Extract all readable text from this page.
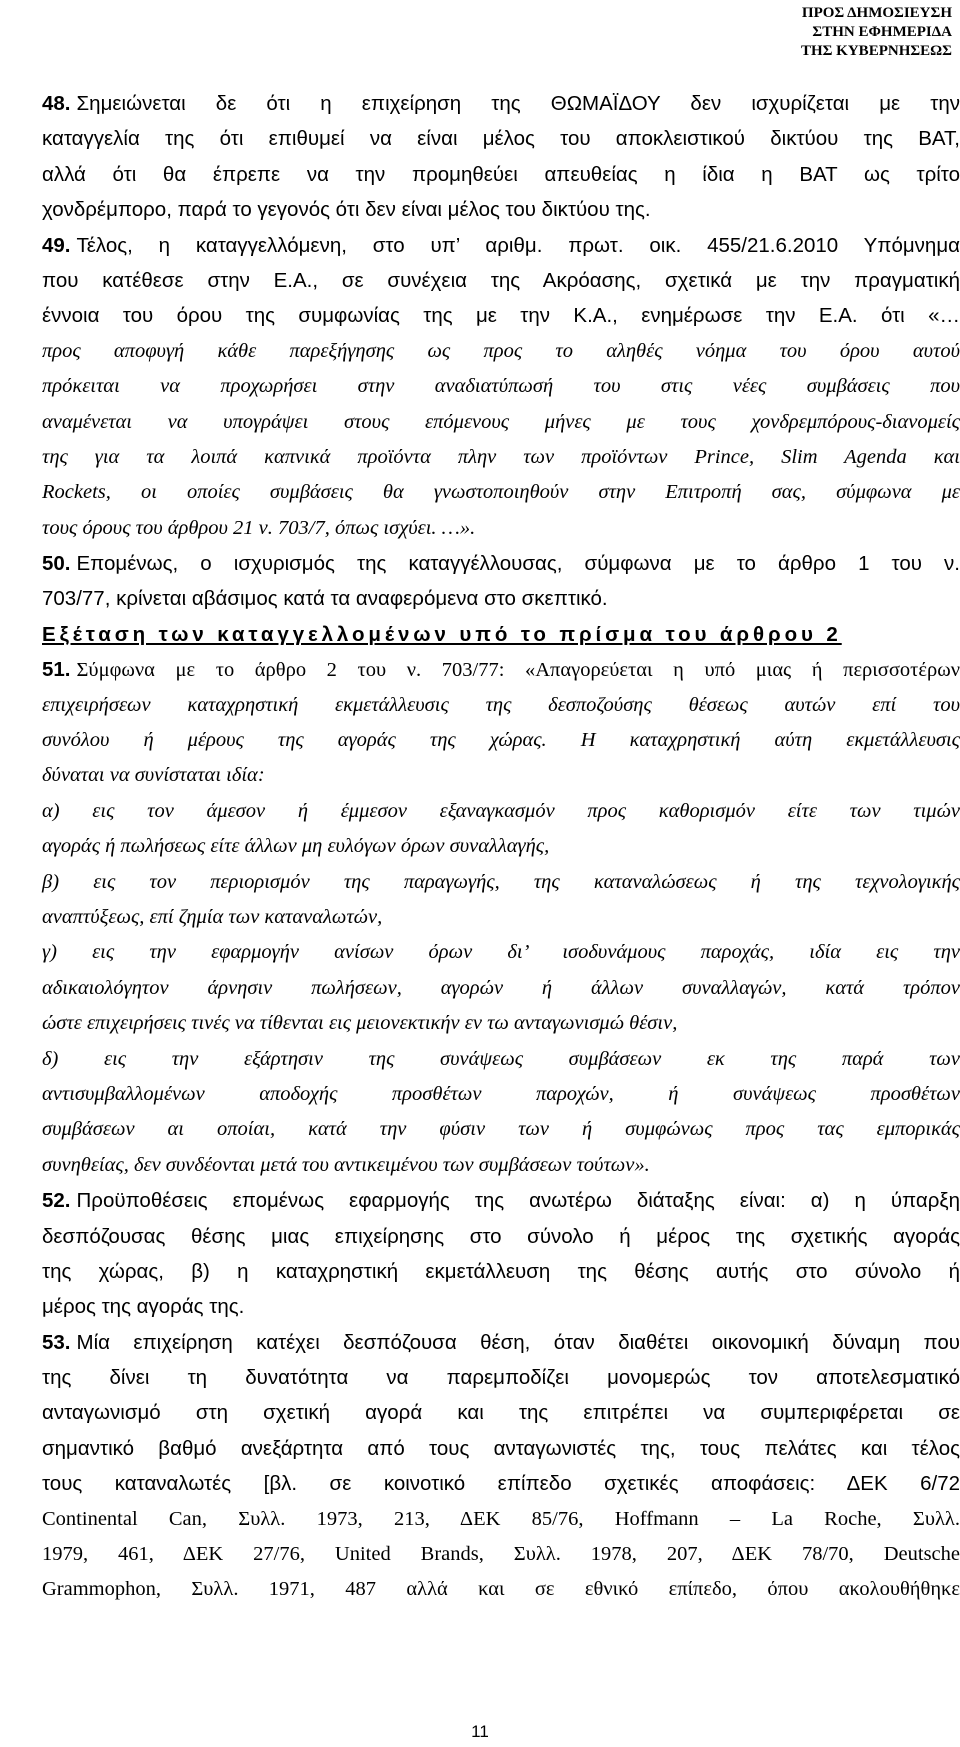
ΠΡΟΣ ΔΗΜΟΣΙΕΥΣΗ
ΣΤΗΝ ΕΦΗΜΕΡΙΔΑ
ΤΗΣ ΚΥΒΕΡΝΗΣΕΩΣ
48. Σημειώνεται δε ότι η επιχείρηση της ΘΩΜΑΪΔΟΥ δεν ισχυρίζεται με την
καταγγελία της ότι επιθυμεί να είναι μέλος του αποκλειστικού δικτύου της ΒΑΤ,
αλλά ότι θα έπρεπε να την προμηθεύει απευθείας η ίδια η ΒΑΤ ως τρίτο
χονδρέμπορο, παρά το γεγονός ότι δεν είναι μέλος του δικτύου της.
49. Τέλος, η καταγγελλόμενη, στο υπ’ αριθμ. πρωτ. οικ. 455/21.6.2010 Υπόμνημα
που κατέθεσε στην Ε.Α., σε συνέχεια της Ακρόασης, σχετικά με την πραγματική
έννοια του όρου της συμφωνίας της με την Κ.Α., ενημέρωσε την Ε.Α. ότι «…
προς αποφυγή κάθε παρεξήγησης ως προς το αληθές νόημα του όρου αυτού
πρόκειται να προχωρήσει στην αναδιατύπωσή του στις νέες συμβάσεις που
αναμένεται να υπογράψει στους επόμενους μήνες με τους χονδρεμπόρους-διανομείς
της για τα λοιπά καπνικά προϊόντα πλην των προϊόντων Prince, Slim Agenda και
Rockets, οι οποίες συμβάσεις θα γνωστοποιηθούν στην Επιτροπή σας, σύμφωνα με
τους όρους του άρθρου 21 ν. 703/7, όπως ισχύει. …».
50. Επομένως, ο ισχυρισμός της καταγγέλλουσας, σύμφωνα με το άρθρο 1 του ν.
703/77, κρίνεται αβάσιμος κατά τα αναφερόμενα στο σκεπτικό.
Εξέταση των καταγγελλομένων υπό το πρίσμα του άρθρου 2
51. Σύμφωνα με το άρθρο 2 του ν. 703/77: «Απαγορεύεται η υπό μιας ή περισσοτέρων
επιχειρήσεων καταχρηστική εκμετάλλευσις της δεσποζούσης θέσεως αυτών επί του
συνόλου ή μέρους της αγοράς της χώρας. Η καταχρηστική αύτη εκμετάλλευσις
δύναται να συνίσταται ιδία:
α) εις τον άμεσον ή έμμεσον εξαναγκασμόν προς καθορισμόν είτε των τιμών
αγοράς ή πωλήσεως είτε άλλων μη ευλόγων όρων συναλλαγής,
β) εις τον περιορισμόν της παραγωγής, της καταναλώσεως ή της τεχνολογικής
αναπτύξεως, επί ζημία των καταναλωτών,
γ) εις την εφαρμογήν ανίσων όρων δι’ ισοδυνάμους παροχάς, ιδία εις την
αδικαιολόγητον άρνησιν πωλήσεων, αγορών ή άλλων συναλλαγών, κατά τρόπον
ώστε επιχειρήσεις τινές να τίθενται εις μειονεκτικήν εν τω ανταγωνισμώ θέσιν,
δ) εις την εξάρτησιν της συνάψεως συμβάσεων εκ της παρά των
αντισυμβαλλομένων αποδοχής προσθέτων παροχών, ή συνάψεως προσθέτων
συμβάσεων αι οποίαι, κατά την φύσιν των ή συμφώνως προς τας εμπορικάς
συνηθείας, δεν συνδέονται μετά του αντικειμένου των συμβάσεων τούτων».
52. Προϋποθέσεις επομένως εφαρμογής της ανωτέρω διάταξης είναι: α) η ύπαρξη
δεσπόζουσας θέσης μιας επιχείρησης στο σύνολο ή μέρος της σχετικής αγοράς
της χώρας, β) η καταχρηστική εκμετάλλευση της θέσης αυτής στο σύνολο ή
μέρος της αγοράς της.
53. Μία επιχείρηση κατέχει δεσπόζουσα θέση, όταν διαθέτει οικονομική δύναμη που
της δίνει τη δυνατότητα να παρεμποδίζει μονομερώς τον αποτελεσματικό
ανταγωνισμό στη σχετική αγορά και της επιτρέπει να συμπεριφέρεται σε
σημαντικό βαθμό ανεξάρτητα από τους ανταγωνιστές της, τους πελάτες και τέλος
τους καταναλωτές [βλ. σε κοινοτικό επίπεδο σχετικές αποφάσεις: ΔΕΚ 6/72
Continental Can, Συλλ. 1973, 213, ΔΕΚ 85/76, Hoffmann – La Roche, Συλλ.
1979, 461, ΔΕΚ 27/76, United Brands, Συλλ. 1978, 207, ΔΕΚ 78/70, Deutsche
Grammophon, Συλλ. 1971, 487 αλλά και σε εθνικό επίπεδο, όπου ακολουθήθηκε
11
